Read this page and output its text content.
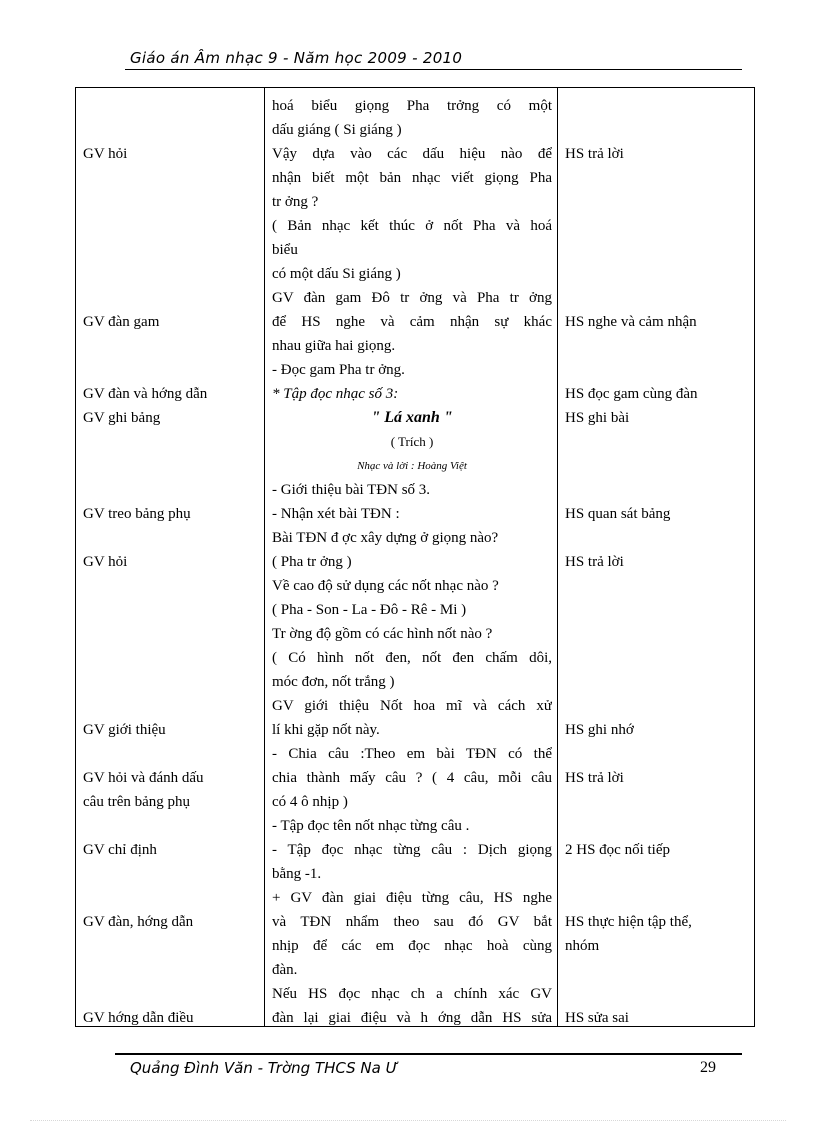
Giáo án Âm nhạc 9 - Năm học 2009 - 2010
GV hỏi
GV đàn gam
GV đàn và hớng dẫn
GV ghi bảng
GV treo bảng phụ
GV hỏi
GV giới thiệu
GV hỏi và đánh dấu
câu trên bảng phụ
GV chỉ định
GV đàn, hớng dẫn
GV hớng dẫn điều
hoá biểu giọng Pha trởng có một
dấu giáng ( Si giáng )
Vậy dựa vào các dấu hiệu nào để
nhận biết một bản nhạc viết giọng Pha
tr ởng ?
( Bản nhạc kết thúc ở nốt Pha và hoá
biểu
có một dấu Si giáng )
GV đàn gam Đô tr ởng và Pha tr ởng
để HS nghe và cảm nhận sự khác
nhau giữa hai giọng.
- Đọc gam Pha tr ởng.
* Tập đọc nhạc số 3:
" Lá xanh "
( Trích )
Nhạc và lời : Hoàng Việt
- Giới thiệu bài TĐN số 3.
- Nhận xét bài TĐN :
Bài TĐN đ ợc xây dựng ở giọng nào?
( Pha tr ởng )
Về cao độ sử dụng các nốt nhạc nào ?
( Pha - Son - La - Đô - Rê - Mi )
Tr ờng độ gồm có các hình nốt nào ?
( Có hình nốt đen, nốt đen chấm dôi,
móc đơn, nốt trắng )
GV giới thiệu Nốt hoa mĩ và cách xử
lí khi gặp nốt này.
- Chia câu :Theo em bài TĐN có thể
chia thành mấy câu ? ( 4 câu, mỗi câu
có 4 ô nhịp )
- Tập đọc tên nốt nhạc từng câu .
- Tập đọc nhạc từng câu : Dịch giọng
bằng -1.
+ GV đàn giai điệu từng câu, HS nghe
và TĐN nhẩm theo sau đó GV bắt
nhịp để các em đọc nhạc hoà cùng
đàn.
Nếu HS đọc nhạc ch a chính xác GV
đàn lại giai điệu và h ớng dẫn HS sửa
HS trả lời
HS nghe và cảm nhận
HS đọc gam cùng đàn
HS ghi bài
HS quan sát bảng
HS trả lời
HS ghi nhớ
HS trả lời
2 HS đọc nối tiếp
HS thực hiện tập thể,
nhóm
HS sửa sai
Quảng Đình Văn - Trờng THCS Na Ư	29
